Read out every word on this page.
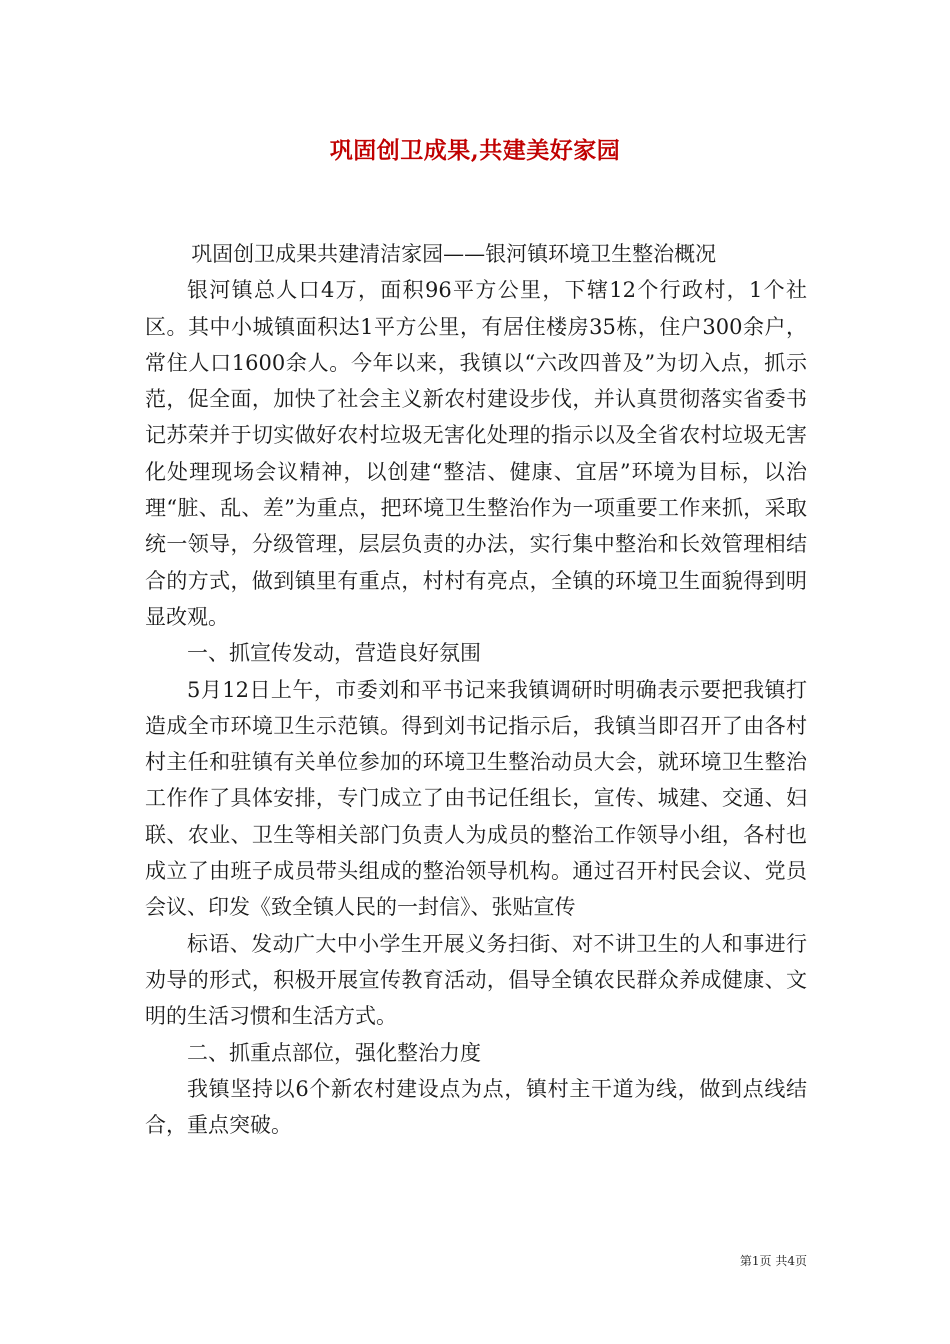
巩固创卫成果,共建美好家园

巩固创卫成果共建清洁家园——银河镇环境卫生整治概况

银河镇总人口4万，面积96平方公里，下辖12个行政村，1个社区。其中小城镇面积达1平方公里，有居住楼房35栋，住户300余户，常住人口1600余人。今年以来，我镇以“六改四普及”为切入点，抓示范，促全面，加快了社会主义新农村建设步伐，并认真贯彻落实省委书记苏荣并于切实做好农村垃圾无害化处理的指示以及全省农村垃圾无害化处理现场会议精神，以创建“整洁、健康、宜居”环境为目标，以治理“脏、乱、差”为重点，把环境卫生整治作为一项重要工作来抓，采取统一领导，分级管理，层层负责的办法，实行集中整治和长效管理相结合的方式，做到镇里有重点，村村有亮点，全镇的环境卫生面貌得到明显改观。

一、抓宣传发动，营造良好氛围

5月12日上午，市委刘和平书记来我镇调研时明确表示要把我镇打造成全市环境卫生示范镇。得到刘书记指示后，我镇当即召开了由各村村主任和驻镇有关单位参加的环境卫生整治动员大会，就环境卫生整治工作作了具体安排，专门成立了由书记任组长，宣传、城建、交通、妇联、农业、卫生等相关部门负责人为成员的整治工作领导小组，各村也成立了由班子成员带头组成的整治领导机构。通过召开村民会议、党员会议、印发《致全镇人民的一封信》、张贴宣传

标语、发动广大中小学生开展义务扫街、对不讲卫生的人和事进行劝导的形式，积极开展宣传教育活动，倡导全镇农民群众养成健康、文明的生活习惯和生活方式。

二、抓重点部位，强化整治力度

我镇坚持以6个新农村建设点为点，镇村主干道为线，做到点线结合，重点突破。

第1页 共4页
